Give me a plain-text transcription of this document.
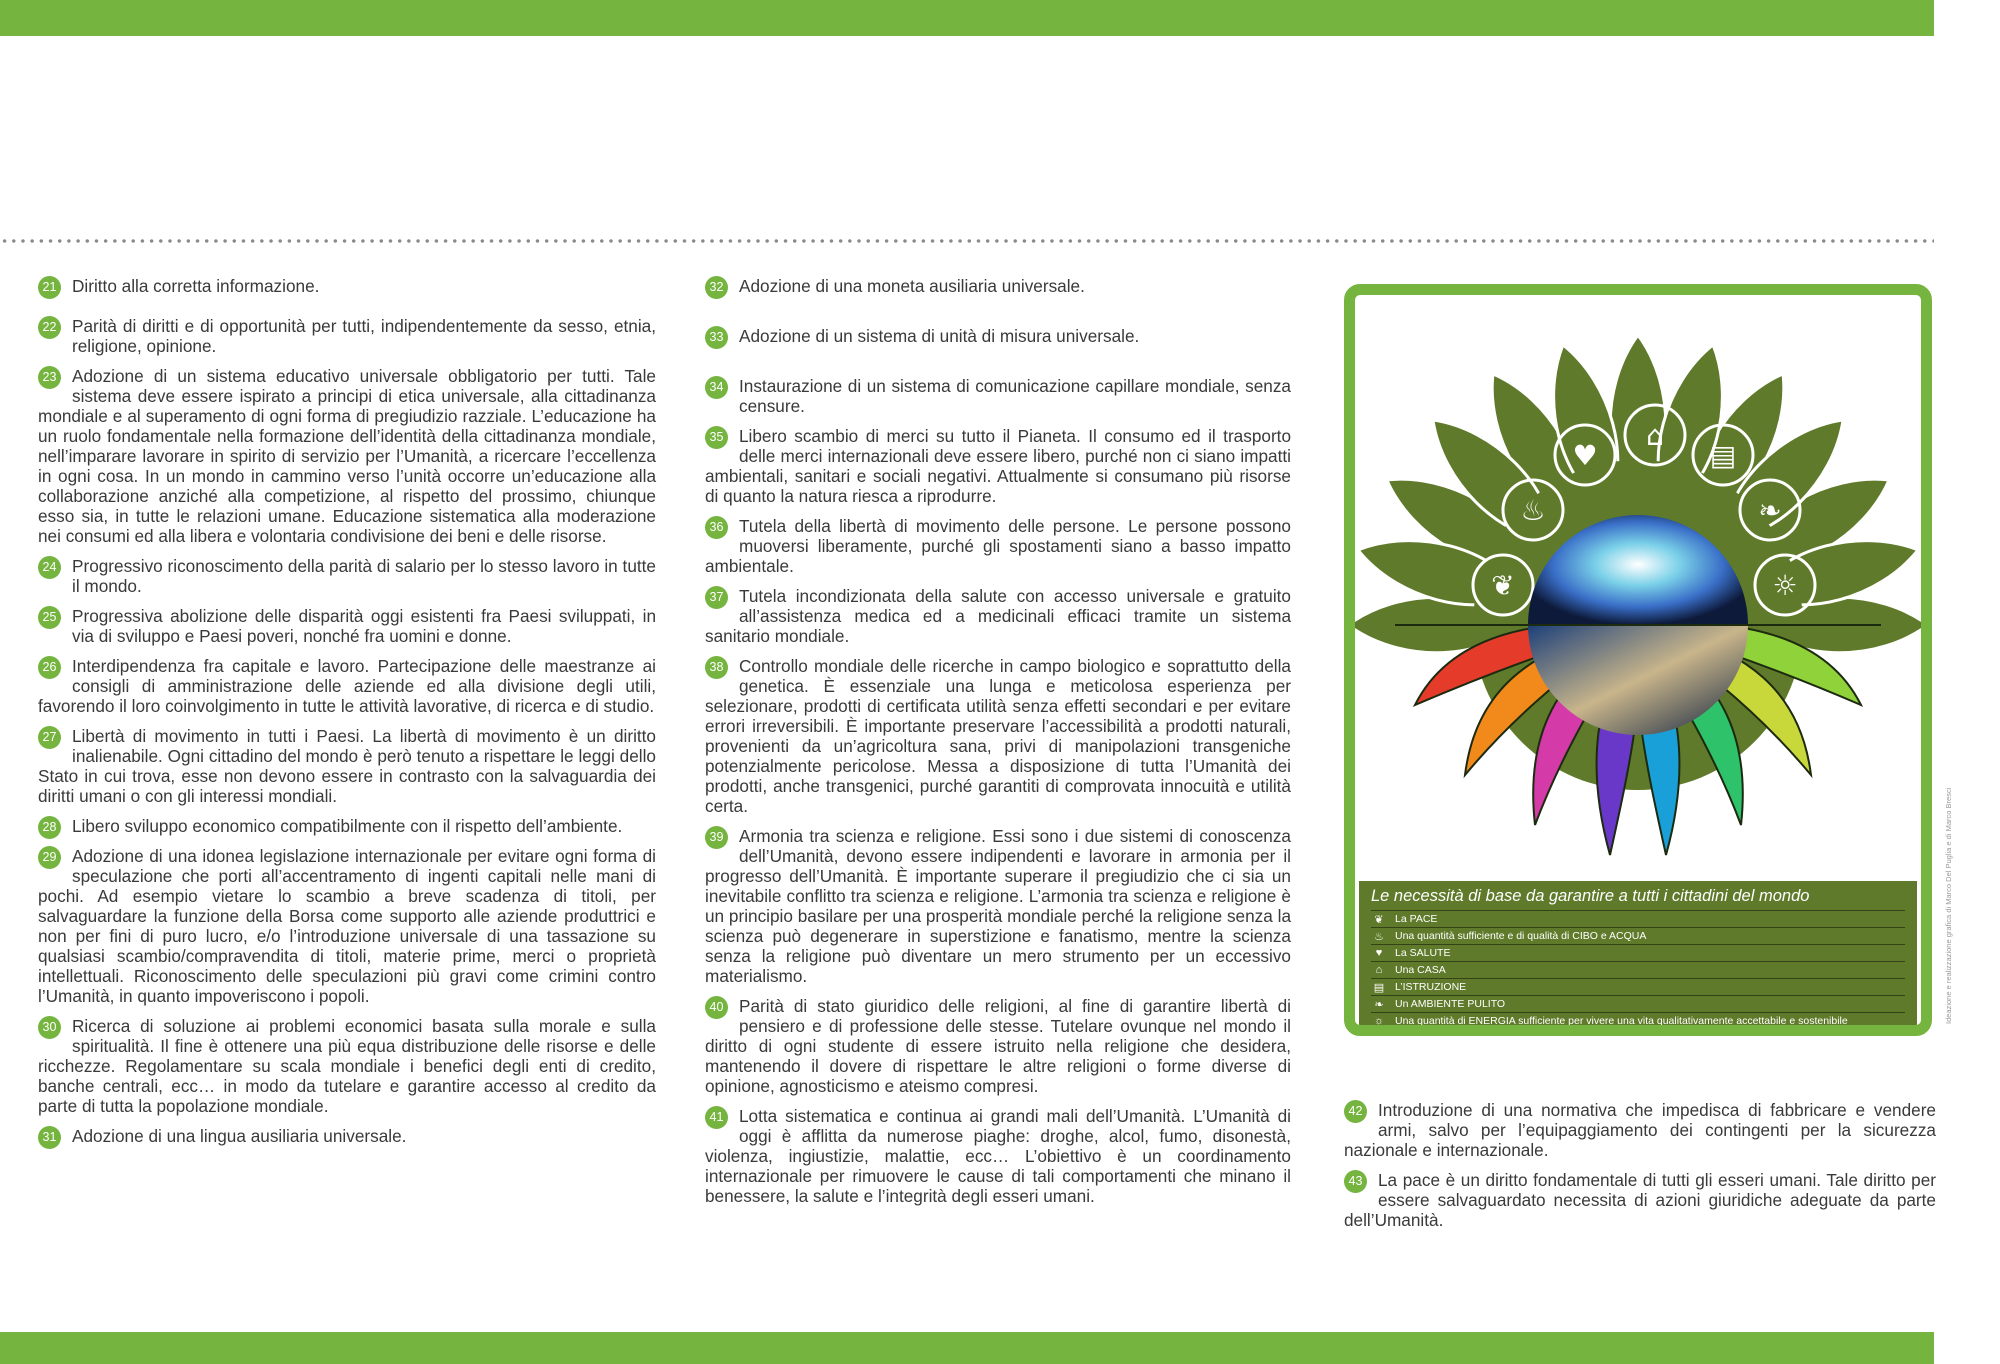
21 Diritto alla corretta informazione.
22 Parità di diritti e di opportunità per tutti, indipendentemente da sesso, etnia, religione, opinione.
23 Adozione di un sistema educativo universale obbligatorio per tutti. Tale sistema deve essere ispirato a principi di etica universale, alla cittadinanza mondiale e al superamento di ogni forma di pregiudizio razziale. L’educazione ha un ruolo fondamentale nella formazione dell’identità della cittadinanza mondiale, nell’imparare lavorare in spirito di servizio per l’Umanità, a ricercare l’eccellenza in ogni cosa. In un mondo in cammino verso l’unità occorre un’educazione alla collaborazione anziché alla competizione, al rispetto del prossimo, chiunque esso sia, in tutte le relazioni umane. Educazione sistematica alla moderazione nei consumi ed alla libera e volontaria condivisione dei beni e delle risorse.
24 Progressivo riconoscimento della parità di salario per lo stesso lavoro in tutte il mondo.
25 Progressiva abolizione delle disparità oggi esistenti fra Paesi sviluppati, in via di sviluppo e Paesi poveri, nonché fra uomini e donne.
26 Interdipendenza fra capitale e lavoro. Partecipazione delle maestranze ai consigli di amministrazione delle aziende ed alla divisione degli utili, favorendo il loro coinvolgimento in tutte le attività lavorative, di ricerca e di studio.
27 Libertà di movimento in tutti i Paesi. La libertà di movimento è un diritto inalienabile. Ogni cittadino del mondo è però tenuto a rispettare le leggi dello Stato in cui trova, esse non devono essere in contrasto con la salvaguardia dei diritti umani o con gli interessi mondiali.
28 Libero sviluppo economico compatibilmente con il rispetto dell’ambiente.
29 Adozione di una idonea legislazione internazionale per evitare ogni forma di speculazione che porti all’accentramento di ingenti capitali nelle mani di pochi. Ad esempio vietare lo scambio a breve scadenza di titoli, per salvaguardare la funzione della Borsa come supporto alle aziende produttrici e non per fini di puro lucro, e/o l’introduzione universale di una tassazione su qualsiasi scambio/compravendita di titoli, materie prime, merci o proprietà intellettuali. Riconoscimento delle speculazioni più gravi come crimini contro l’Umanità, in quanto impoveriscono i popoli.
30 Ricerca di soluzione ai problemi economici basata sulla morale e sulla spiritualità. Il fine è ottenere una più equa distribuzione delle risorse e delle ricchezze. Regolamentare su scala mondiale i benefici degli enti di credito, banche centrali, ecc… in modo da tutelare e garantire accesso al credito da parte di tutta la popolazione mondiale.
31 Adozione di una lingua ausiliaria universale.
32 Adozione di una moneta ausiliaria universale.
33 Adozione di un sistema di unità di misura universale.
34 Instaurazione di un sistema di comunicazione capillare mondiale, senza censure.
35 Libero scambio di merci su tutto il Pianeta. Il consumo ed il trasporto delle merci internazionali deve essere libero, purché non ci siano impatti ambientali, sanitari e sociali negativi. Attualmente si consumano più risorse di quanto la natura riesca a riprodurre.
36 Tutela della libertà di movimento delle persone. Le persone possono muoversi liberamente, purché gli spostamenti siano a basso impatto ambientale.
37 Tutela incondizionata della salute con accesso universale e gratuito all’assistenza medica ed a medicinali efficaci tramite un sistema sanitario mondiale.
38 Controllo mondiale delle ricerche in campo biologico e soprattutto della genetica. È essenziale una lunga e meticolosa esperienza per selezionare, prodotti di certificata utilità senza effetti secondari e per evitare errori irreversibili. È importante preservare l’accessibilità a prodotti naturali, provenienti da un’agricoltura sana, privi di manipolazioni transgeniche potenzialmente pericolose. Messa a disposizione di tutta l’Umanità dei prodotti, anche transgenici, purché garantiti di comprovata innocuità e utilità certa.
39 Armonia tra scienza e religione. Essi sono i due sistemi di conoscenza dell’Umanità, devono essere indipendenti e lavorare in armonia per il progresso dell’Umanità. È importante superare il pregiudizio che ci sia un inevitabile conflitto tra scienza e religione. L’armonia tra scienza e religione è un principio basilare per una prosperità mondiale perché la religione senza la scienza può degenerare in superstizione e fanatismo, mentre la scienza senza la religione può diventare un mero strumento per un eccessivo materialismo.
40 Parità di stato giuridico delle religioni, al fine di garantire libertà di pensiero e di professione delle stesse. Tutelare ovunque nel mondo il diritto di ogni studente di essere istruito nella religione che desidera, mantenendo il dovere di rispettare le altre religioni o forme diverse di opinione, agnosticismo e ateismo compresi.
41 Lotta sistematica e continua ai grandi mali dell’Umanità. L’Umanità di oggi è afflitta da numerose piaghe: droghe, alcol, fumo, disonestà, violenza, ingiustizie, malattie, ecc… L’obiettivo è un coordinamento internazionale per rimuovere le cause di tali comportamenti che minano il benessere, la salute e l’integrità degli esseri umani.
❦
♨
♥
⌂
▤
❧
☼
Le necessità di base da garantire a tutti i cittadini del mondo
❦	La PACE
♨ Una quantità sufficiente e di qualità di CIBO e ACQUA
♥	La SALUTE
⌂	Una CASA
▤ L’ISTRUZIONE
❧	Un AMBIENTE PULITO
☼ Una quantità di ENERGIA sufficiente per vivere una vita qualitativamente accettabile e sostenibile	Ideazione e realizzazione grafica di Marco Del Puglia e di Marco Bresci
42 Introduzione di una normativa che impedisca di fabbricare e vendere armi, salvo per l’equipaggiamento dei contingenti per la sicurezza nazionale e internazionale.
43 La pace è un diritto fondamentale di tutti gli esseri umani. Tale diritto per essere salvaguardato necessita di azioni giuridiche adeguate da parte dell’Umanità.
